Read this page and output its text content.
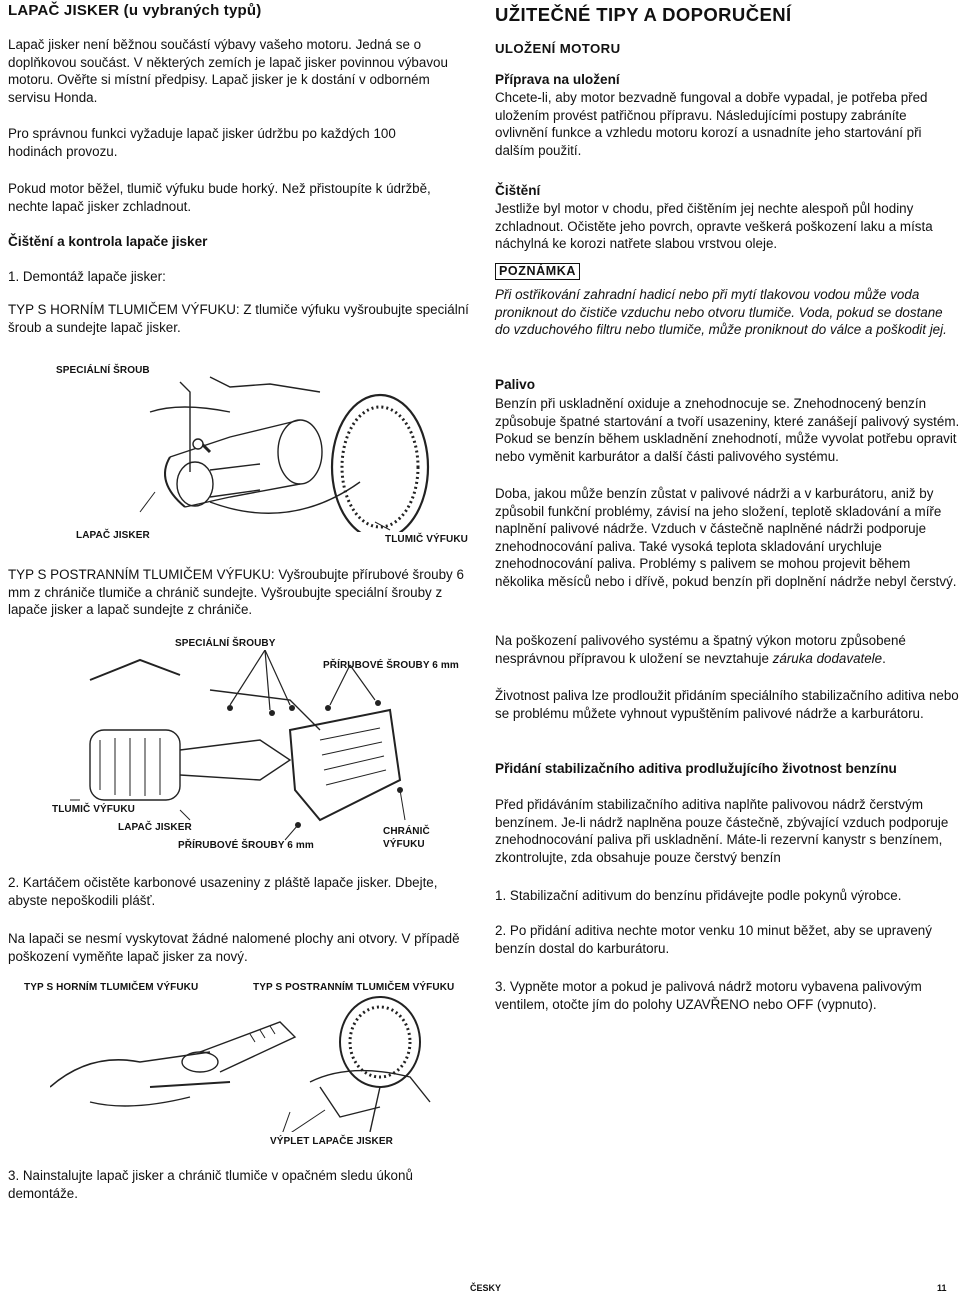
LAPAČ JISKER (u vybraných typů)

Lapač jisker není běžnou součástí výbavy vašeho motoru. Jedná se o doplňkovou součást. V některých zemích je lapač jisker povinnou výbavou motoru. Ověřte si místní předpisy. Lapač jisker je k dostání v odborném servisu Honda.

Pro správnou funkci vyžaduje lapač jisker údržbu po každých 100 hodinách provozu.

Pokud motor běžel, tlumič výfuku bude horký. Než přistoupíte k údržbě, nechte lapač jisker zchladnout.

Čištění a kontrola lapače jisker

1. Demontáž lapače jisker:

TYP S HORNÍM TLUMIČEM VÝFUKU: Z tlumiče výfuku vyšroubujte speciální šroub a sundejte lapač jisker.

SPECIÁLNÍ ŠROUB
LAPAČ JISKER	TLUMIČ VÝFUKU

TYP S POSTRANNÍM TLUMIČEM VÝFUKU: Vyšroubujte přírubové šrouby 6 mm z chrániče tlumiče a chránič sundejte. Vyšroubujte speciální šrouby z lapače jisker a lapač sundejte z chrániče.

SPECIÁLNÍ ŠROUBY
PŘÍRUBOVÉ ŠROUBY 6 mm
TLUMIČ VÝFUKU
LAPAČ JISKER
PŘÍRUBOVÉ ŠROUBY 6 mm
CHRÁNIČ
VÝFUKU

2. Kartáčem očistěte karbonové usazeniny z pláště lapače jisker. Dbejte, abyste nepoškodili plášť.

Na lapači se nesmí vyskytovat žádné nalomené plochy ani otvory. V případě poškození vyměňte lapač jisker za nový.

TYP S HORNÍM TLUMIČEM VÝFUKU	TYP S POSTRANNÍM TLUMIČEM VÝFUKU
VÝPLET LAPAČE JISKER

3. Nainstalujte lapač jisker a chránič tlumiče v opačném sledu úkonů demontáže.

UŽITEČNÉ TIPY A DOPORUČENÍ
ULOŽENÍ MOTORU
Příprava na uložení

Chcete-li, aby motor bezvadně fungoval a dobře vypadal, je potřeba před uložením provést patřičnou přípravu. Následujícími postupy zabráníte ovlivnění funkce a vzhledu motoru korozí a usnadníte jeho startování při dalším použití.

Čištění

Jestliže byl motor v chodu, před čištěním jej nechte alespoň půl hodiny zchladnout. Očistěte jeho povrch, opravte veškerá poškození laku a místa náchylná ke korozi natřete slabou vrstvou oleje.

POZNÁMKA

Při ostřikování zahradní hadicí nebo při mytí tlakovou vodou může voda proniknout do čističe vzduchu nebo otvoru tlumiče. Voda, pokud se dostane do vzduchového filtru nebo tlumiče, může proniknout do válce a poškodit jej.

Palivo

Benzín při uskladnění oxiduje a znehodnocuje se. Znehodnocený benzín způsobuje špatné startování a tvoří usazeniny, které zanášejí palivový systém. Pokud se benzín během uskladnění znehodnotí, může vyvolat potřebu opravit nebo vyměnit karburátor a další části palivového systému.

Doba, jakou může benzín zůstat v palivové nádrži a v karburátoru, aniž by způsobil funkční problémy, závisí na jeho složení, teplotě skladování a míře naplnění palivové nádrže. Vzduch v částečně naplněné nádrži podporuje znehodnocování paliva. Také vysoká teplota skladování urychluje znehodnocování paliva. Problémy s palivem se mohou projevit během několika měsíců nebo i dřívě, pokud benzín při doplnění nádrže nebyl čerstvý.

Na poškození palivového systému a špatný výkon motoru způsobené nesprávnou přípravou k uložení se nevztahuje záruka dodavatele.

Životnost paliva lze prodloužit přidáním speciálního stabilizačního aditiva nebo se problému můžete vyhnout vypuštěním palivové nádrže a karburátoru.

Přidání stabilizačního aditiva prodlužujícího životnost benzínu

Před přidáváním stabilizačního aditiva naplňte palivovou nádrž čerstvým benzínem. Je-li nádrž naplněna pouze částečně, zbývající vzduch podporuje znehodnocování paliva při uskladnění. Máte-li rezervní kanystr s benzínem, zkontrolujte, zda obsahuje pouze čerstvý benzín

1. Stabilizační aditivum do benzínu přidávejte podle pokynů výrobce.

2. Po přidání aditiva nechte motor venku 10 minut běžet, aby se upravený benzín dostal do karburátoru.

3. Vypněte motor a pokud je palivová nádrž motoru vybavena palivovým ventilem, otočte jím do polohy UZAVŘENO nebo OFF (vypnuto).

ČESKY	11
